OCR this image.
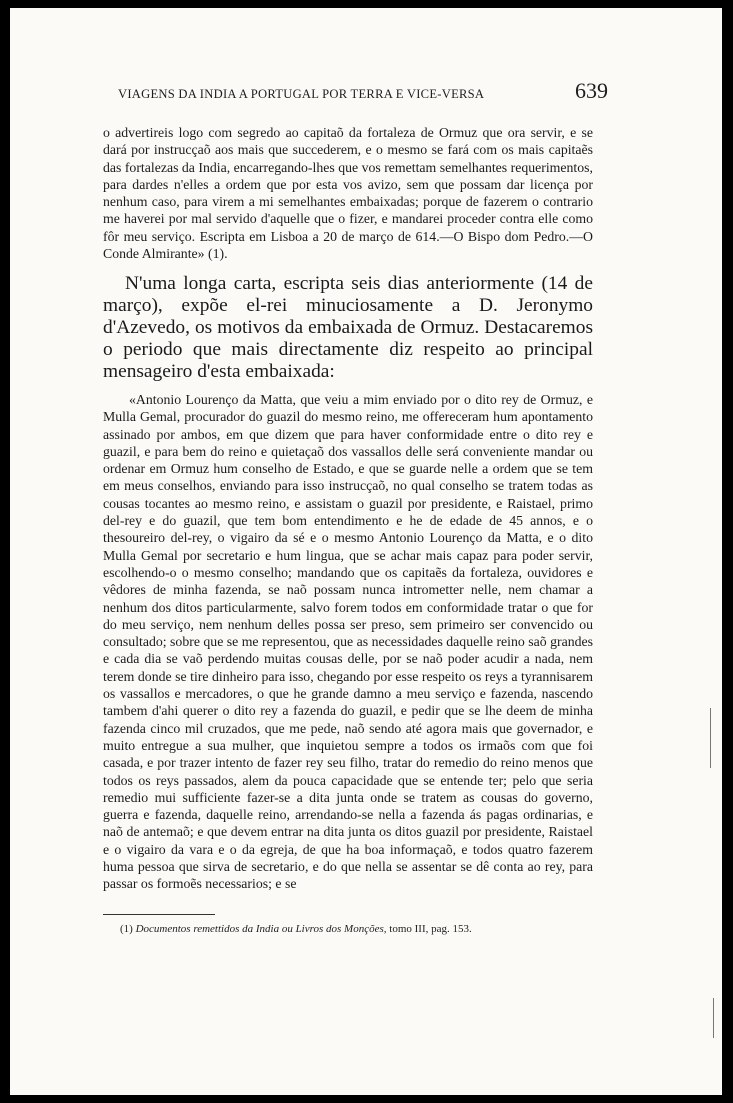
VIAGENS DA INDIA A PORTUGAL POR TERRA E VICE-VERSA	639

o advertireis logo com segredo ao capitaõ da fortaleza de Ormuz que ora servir, e se dará por instrucçaõ aos mais que succederem, e o mesmo se fará com os mais capitaẽs das fortalezas da India, encarregando-lhes que vos remettam semelhantes requerimentos, para dardes n'elles a ordem que por esta vos avizo, sem que possam dar licença por nenhum caso, para virem a mi semelhantes embaixadas; porque de fazerem o contrario me haverei por mal servido d'aquelle que o fizer, e mandarei proceder contra elle como fôr meu serviço. Escripta em Lisboa a 20 de março de 614.—O Bispo dom Pedro.—O Conde Almirante» (1).

N'uma longa carta, escripta seis dias anteriormente (14 de março), expõe el-rei minuciosamente a D. Jeronymo d'Azevedo, os motivos da embaixada de Ormuz. Destacaremos o periodo que mais directamente diz respeito ao principal mensageiro d'esta embaixada:

«Antonio Lourenço da Matta, que veiu a mim enviado por o dito rey de Ormuz, e Mulla Gemal, procurador do guazil do mesmo reino, me offereceram hum apontamento assinado por ambos, em que dizem que para haver conformidade entre o dito rey e guazil, e para bem do reino e quietaçaõ dos vassallos delle será conveniente mandar ou ordenar em Ormuz hum conselho de Estado, e que se guarde nelle a ordem que se tem em meus conselhos, enviando para isso instrucçaõ, no qual conselho se tratem todas as cousas tocantes ao mesmo reino, e assistam o guazil por presidente, e Raistael, primo del-rey e do guazil, que tem bom entendimento e he de edade de 45 annos, e o thesoureiro del-rey, o vigairo da sé e o mesmo Antonio Lourenço da Matta, e o dito Mulla Gemal por secretario e hum lingua, que se achar mais capaz para poder servir, escolhendo-o o mesmo conselho; mandando que os capitaẽs da fortaleza, ouvidores e vêdores de minha fazenda, se naõ possam nunca intrometter nelle, nem chamar a nenhum dos ditos particularmente, salvo forem todos em conformidade tratar o que for do meu serviço, nem nenhum delles possa ser preso, sem primeiro ser convencido ou consultado; sobre que se me representou, que as necessidades daquelle reino saõ grandes e cada dia se vaõ perdendo muitas cousas delle, por se naõ poder acudir a nada, nem terem donde se tire dinheiro para isso, chegando por esse respeito os reys a tyrannisarem os vassallos e mercadores, o que he grande damno a meu serviço e fazenda, nascendo tambem d'ahi querer o dito rey a fazenda do guazil, e pedir que se lhe deem de minha fazenda cinco mil cruzados, que me pede, naõ sendo até agora mais que governador, e muito entregue a sua mulher, que inquietou sempre a todos os irmaõs com que foi casada, e por trazer intento de fazer rey seu filho, tratar do remedio do reino menos que todos os reys passados, alem da pouca capacidade que se entende ter; pelo que seria remedio mui sufficiente fazer-se a dita junta onde se tratem as cousas do governo, guerra e fazenda, daquelle reino, arrendando-se nella a fazenda ás pagas ordinarias, e naõ de antemaõ; e que devem entrar na dita junta os ditos guazil por presidente, Raistael e o vigairo da vara e o da egreja, de que ha boa informaçaõ, e todos quatro fazerem huma pessoa que sirva de secretario, e do que nella se assentar se dê conta ao rey, para passar os formoẽs necessarios; e se

(1) Documentos remettidos da India ou Livros dos Monções, tomo III, pag. 153.
